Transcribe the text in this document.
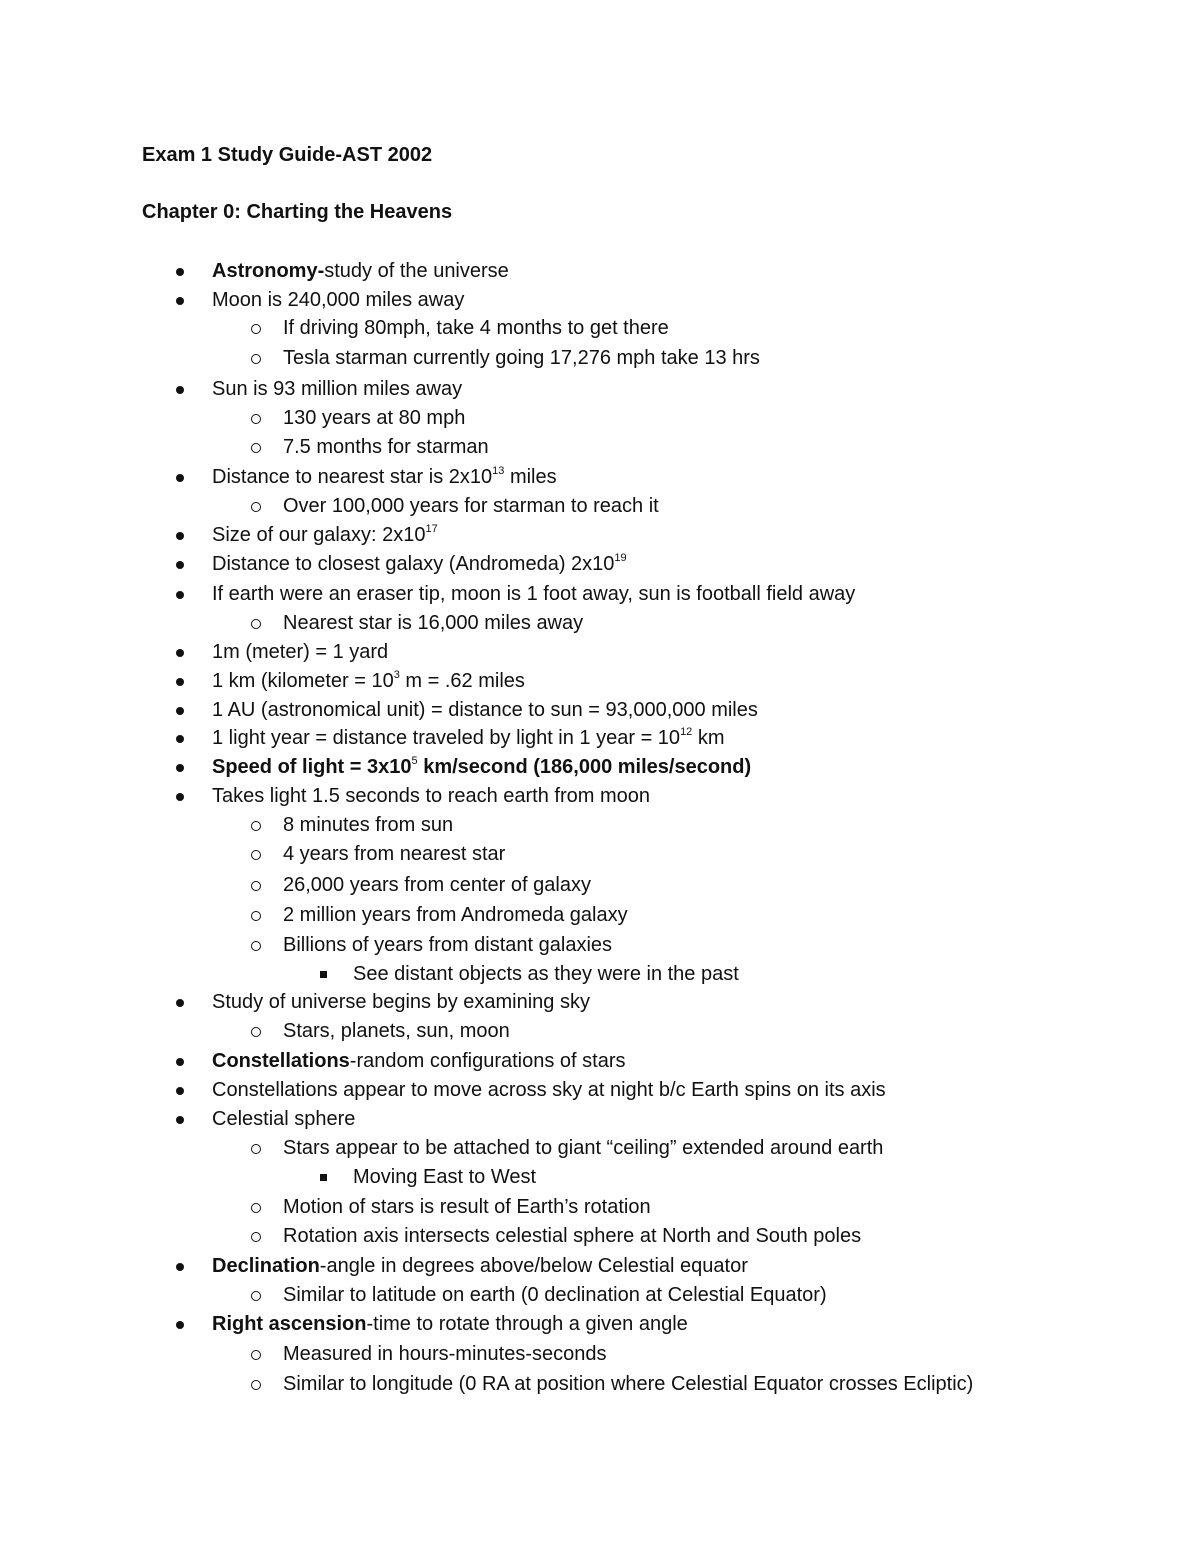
Exam 1 Study Guide-AST 2002
Chapter 0: Charting the Heavens
Astronomy-study of the universe
Moon is 240,000 miles away
If driving 80mph, take 4 months to get there
Tesla starman currently going 17,276 mph take 13 hrs
Sun is 93 million miles away
130 years at 80 mph
7.5 months for starman
Distance to nearest star is $2x10^{13}$ miles
Over 100,000 years for starman to reach it
Size of our galaxy: $2x10^{17}$
Distance to closest galaxy (Andromeda) $2x10^{19}$
If earth were an eraser tip, moon is 1 foot away, sun is football field away
Nearest star is 16,000 miles away
1m (meter) = 1 yard
1 km (kilometer = $10^3$ m = .62 miles
1 AU (astronomical unit) = distance to sun = 93,000,000 miles
1 light year = distance traveled by light in 1 year = $10^{12}$ km
Speed of light = $3x10^5$ km/second (186,000 miles/second)
Takes light 1.5 seconds to reach earth from moon
8 minutes from sun
4 years from nearest star
26,000 years from center of galaxy
2 million years from Andromeda galaxy
Billions of years from distant galaxies
See distant objects as they were in the past
Study of universe begins by examining sky
Stars, planets, sun, moon
Constellations-random configurations of stars
Constellations appear to move across sky at night b/c Earth spins on its axis
Celestial sphere
Stars appear to be attached to giant “ceiling” extended around earth
Moving East to West
Motion of stars is result of Earth’s rotation
Rotation axis intersects celestial sphere at North and South poles
Declination-angle in degrees above/below Celestial equator
Similar to latitude on earth (0 declination at Celestial Equator)
Right ascension-time to rotate through a given angle
Measured in hours-minutes-seconds
Similar to longitude (0 RA at position where Celestial Equator crosses Ecliptic)
